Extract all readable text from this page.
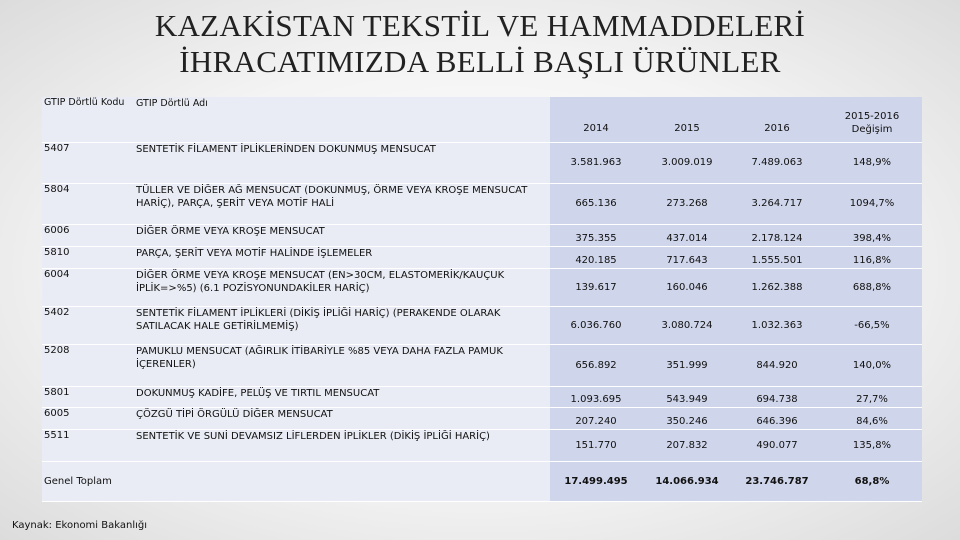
KAZAKİSTAN TEKSTİL VE HAMMADDELERİ
İHRACATIMIZDA BELLİ BAŞLI ÜRÜNLER
GTIP Dörtlü Kodu	GTIP Dörtlü Adı	2014	2015	2016	2015-2016 Değişim
5407	SENTETİK FİLAMENT İPLİKLERİNDEN DOKUNMUŞ MENSUCAT	3.581.963	3.009.019	7.489.063	148,9%
5804	TÜLLER VE DİĞER AĞ MENSUCAT (DOKUNMUŞ, ÖRME VEYA KROŞE MENSUCAT HARİÇ), PARÇA, ŞERİT VEYA MOTİF HALİ	665.136	273.268	3.264.717	1094,7%
6006	DİĞER ÖRME VEYA KROŞE MENSUCAT	375.355	437.014	2.178.124	398,4%
5810	PARÇA, ŞERİT VEYA MOTİF HALİNDE İŞLEMELER	420.185	717.643	1.555.501	116,8%
6004	DİĞER ÖRME VEYA KROŞE MENSUCAT (EN>30CM, ELASTOMERİK/KAUÇUK İPLİK=>%5) (6.1 POZİSYONUNDAKİLER HARİÇ)	139.617	160.046	1.262.388	688,8%
5402	SENTETİK FİLAMENT İPLİKLERİ (DİKİŞ İPLİĞİ HARİÇ) (PERAKENDE OLARAK SATILACAK HALE GETİRİLMEMİŞ)	6.036.760	3.080.724	1.032.363	-66,5%
5208	PAMUKLU MENSUCAT (AĞIRLIK İTİBARİYLE %85 VEYA DAHA FAZLA PAMUK İÇERENLER)	656.892	351.999	844.920	140,0%
5801	DOKUNMUŞ KADİFE, PELÜŞ VE TIRTIL MENSUCAT	1.093.695	543.949	694.738	27,7%
6005	ÇÖZGÜ TİPİ ÖRGÜLÜ DİĞER MENSUCAT	207.240	350.246	646.396	84,6%
5511	SENTETİK VE SUNİ DEVAMSIZ LİFLERDEN İPLİKLER (DİKİŞ İPLİĞİ HARİÇ)	151.770	207.832	490.077	135,8%
Genel Toplam		17.499.495	14.066.934	23.746.787	68,8%
Kaynak: Ekonomi Bakanlığı
